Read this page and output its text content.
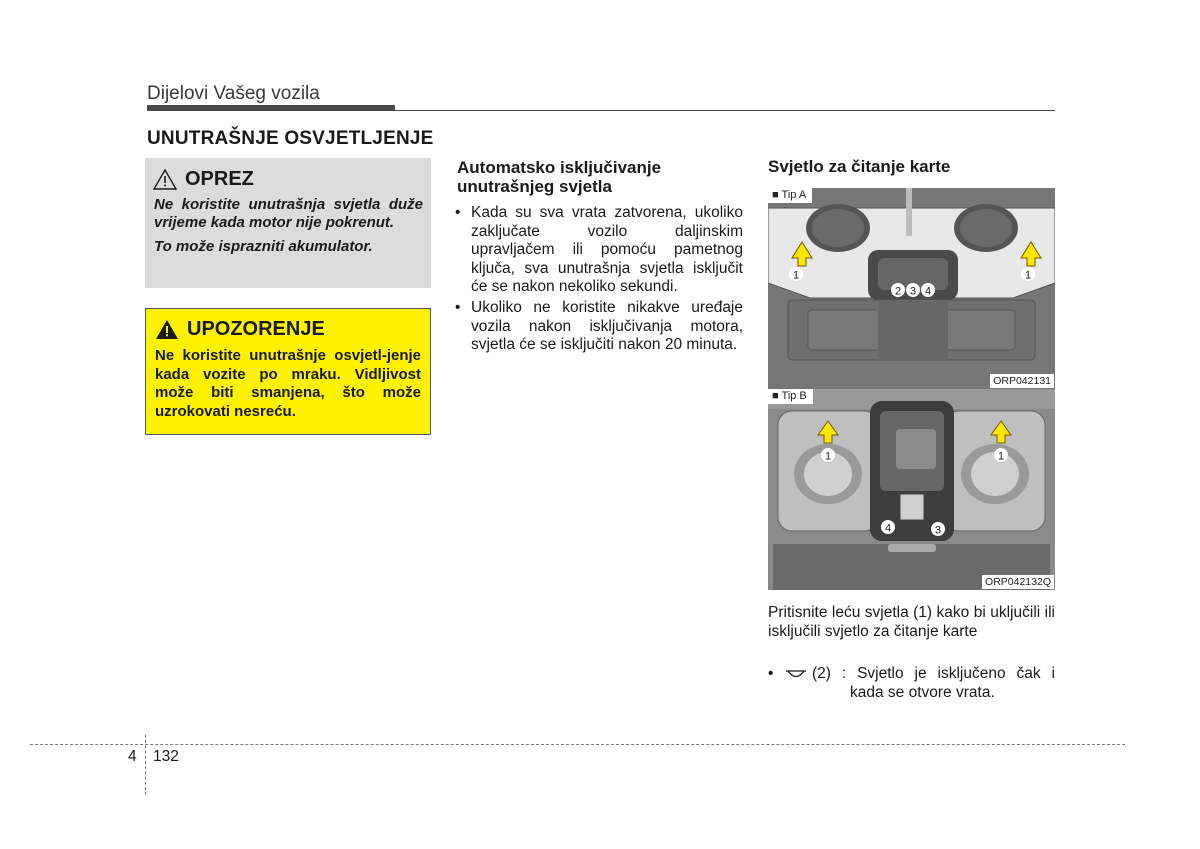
Dijelovi Vašeg vozila
UNUTRAŠNJE OSVJETLJENJE
OPREZ

Ne koristite unutrašnja svjetla duže vrijeme kada motor nije pokrenut.

To može isprazniti akumulator.

UPOZORENJE
Ne koristite unutrašnje osvjetl-jenje kada vozite po mraku. Vidljivost može biti smanjena, što može uzrokovati nesreću.
Automatsko isključivanje unutrašnjeg svjetla
• Kada su sva vrata zatvorena, ukoliko zaključate vozilo daljinskim upravljačem ili pomoću pametnog ključa, sva unutrašnja svjetla isključit će se nakon nekoliko sekundi.
• Ukoliko ne koristite nikakve uređaje vozila nakon isključivanja motora, svjetla će se isključiti nakon 20 minuta.
Svjetlo za čitanje karte
1	1
2 3 4
■ Tip A
ORP042131
1	1
4	3
■ Tip B
ORP042132Q
Pritisnite leću svjetla (1) kako bi uključili ili isključili svjetlo za čitanje karte
•	(2) : Svjetlo je isključeno čak i
kada se otvore vrata.
4 132
